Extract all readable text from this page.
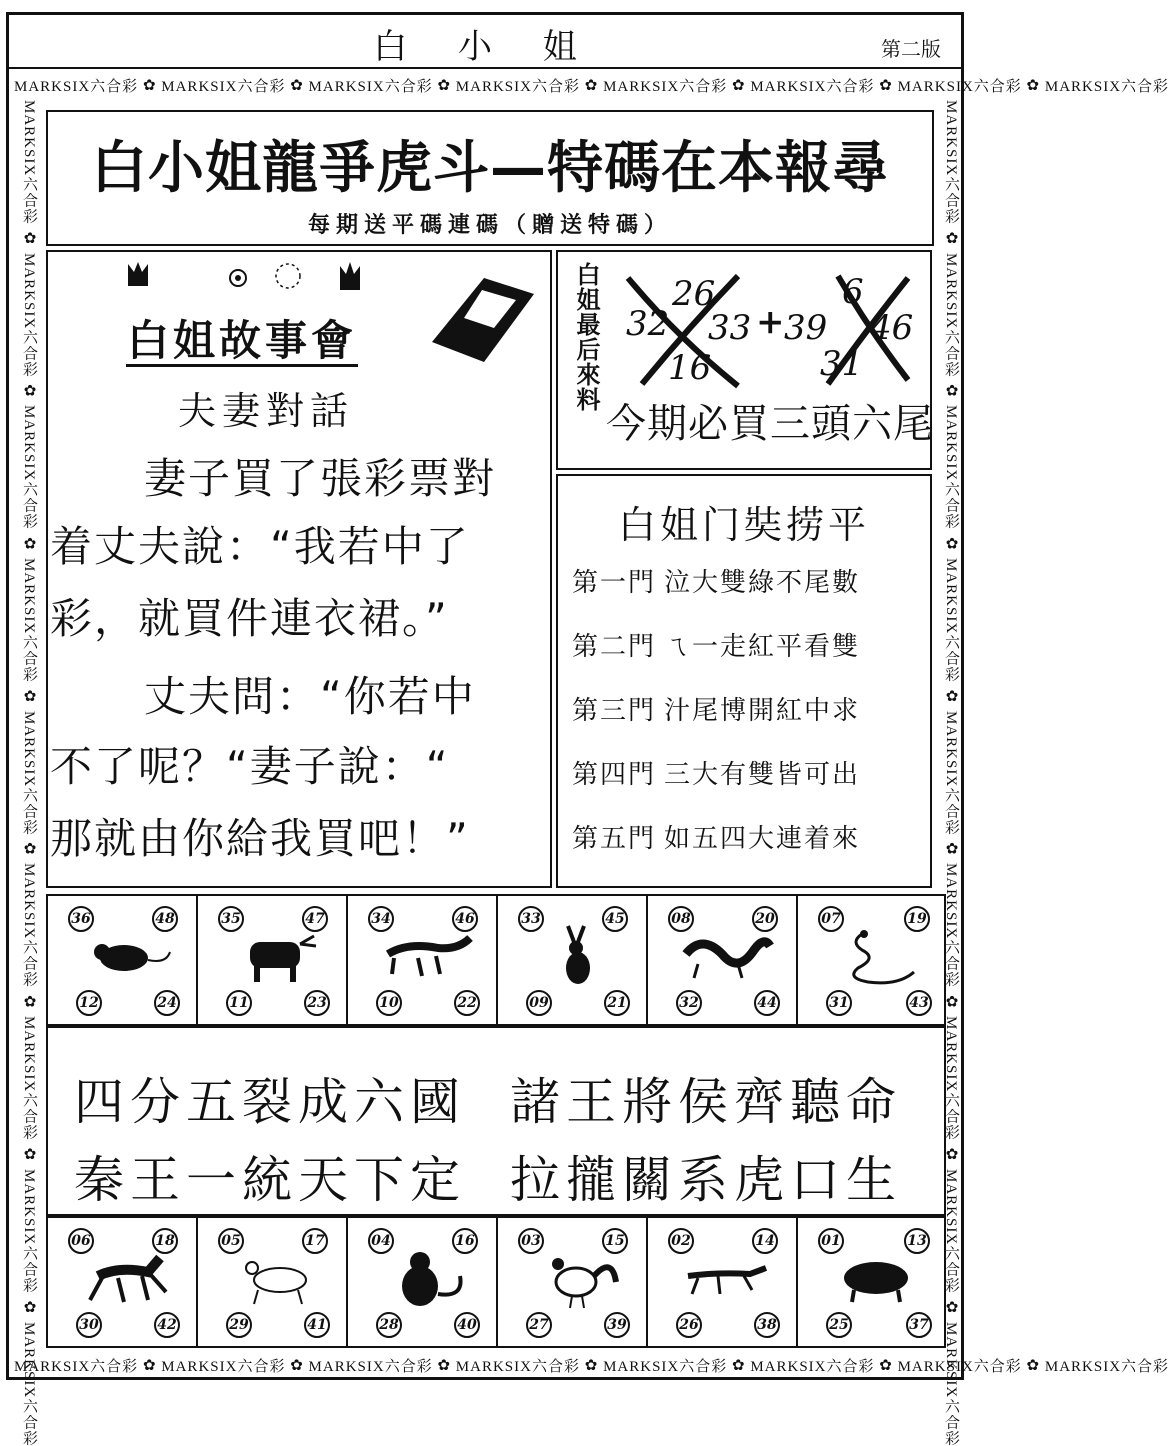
白 小 姐	第二版
MARKSIX六合彩 ✿ MARKSIX六合彩 ✿ MARKSIX六合彩 ✿ MARKSIX六合彩 ✿ MARKSIX六合彩 ✿ MARKSIX六合彩 ✿ MARKSIX六合彩 ✿ MARKSIX六合彩
MARKSIX六合彩 ✿ MARKSIX六合彩 ✿ MARKSIX六合彩 ✿ MARKSIX六合彩 ✿ MARKSIX六合彩 ✿ MARKSIX六合彩 ✿ MARKSIX六合彩 ✿ MARKSIX六合彩
MARKSIX六合彩 ✿ MARKSIX六合彩 ✿ MARKSIX六合彩 ✿ MARKSIX六合彩 ✿ MARKSIX六合彩 ✿ MARKSIX六合彩 ✿ MARKSIX六合彩 ✿ MARKSIX六合彩 ✿ MARKSIX六合彩
MARKSIX六合彩 ✿ MARKSIX六合彩 ✿ MARKSIX六合彩 ✿ MARKSIX六合彩 ✿ MARKSIX六合彩 ✿ MARKSIX六合彩 ✿ MARKSIX六合彩 ✿ MARKSIX六合彩 ✿ MARKSIX六合彩
白小姐龍爭虎斗—特碼在本報尋
每期送平碼連碼（贈送特碼）
白姐故事會
夫妻對話
妻子買了張彩票對
着丈夫說：“我若中了
彩，就買件連衣裙。”
丈夫問：“你若中
不了呢？“妻子說：“
那就由你給我買吧！”
白姐最后來料 32
26
16
33 + 39
6
46
31
今期必買三頭六尾
白姐门奘捞平
第一門 泣大雙綠不尾數
第二門 ㄟ一走紅平看雙
第三門 汁尾博開紅中求
第四門 三大有雙皆可出
第五門 如五四大連着來
36	48
12	24
35	47
11	23
34	46
10	22
33	45
09	21
08	20
32	44
07	19
31	43
四分五裂成六國 諸王將侯齊聽命
秦王一統天下定 拉攏關系虎口生
06	18
30	42
05	17
29	41
04	16
28	40
03	15
27	39
02	14
26	38
01	13
25	37
